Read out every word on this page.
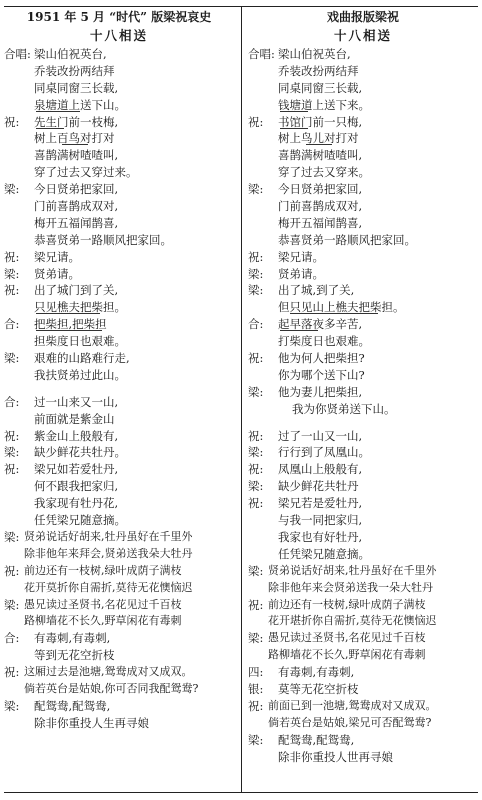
1951 年 5 月 “时代” 版梁祝哀史
十八相送
合唱: 梁山伯祝英台,
乔装改扮两结拜
同桌同窗三长载,
泉塘道上送下山。
祝: 先生门前一枝梅,
树上百鸟对打对
喜鹊满树喳喳叫,
穿了过去又穿过来。
梁: 今日贤弟把家回,
门前喜鹊成双对,
梅开五福闻鹊喜,
恭喜贤弟一路顺风把家回。
祝: 梁兄请。
梁: 贤弟请。
祝: 出了城门到了关,
只见樵夫把柴担。
合: 把柴担,把柴担
担柴度日也艰难。
梁: 艰难的山路难行走,
我扶贤弟过此山。
合: 过一山来又一山,
前面就是紫金山
祝: 紫金山上般般有,
梁: 缺少鲜花共牡丹。
祝: 梁兄如若爱牡丹,
何不跟我把家归,
我家现有牡丹花,
任凭梁兄随意摘。
梁: 贤弟说话好胡来,牡丹虽好在千里外
除非他年来拜会,贤弟送我朵大牡丹
祝: 前边还有一枝树,绿叶成荫子满枝
花开莫折你自需折,莫待无花懊恼迟
梁: 愚兄读过圣贤书,名花见过千百枝
路柳墙花不长久,野草闲花有毒刺
合: 有毒刺,有毒刺,
等到无花空折枝
祝: 这厢过去是池塘,鸳鸯成对又成双。
倘若英台是姑娘,你可否同我配鸳鸯?
梁: 配鸳鸯,配鸳鸯,
除非你重投人生再寻娘
戏曲报版梁祝
十八相送
合唱: 梁山伯祝英台,
乔装改扮两结拜
同桌同窗三长载,
钱塘道上送下来。
祝: 书馆门前一只梅,
树上鸟儿对打对
喜鹊满树喳喳叫,
穿了过去又穿来。
梁: 今日贤弟把家回,
门前喜鹊成双对,
梅开五福闻鹊喜,
恭喜贤弟一路顺风把家回。
祝: 梁兄请。
梁: 贤弟请。
梁: 出了城,到了关,
但只见山上樵夫把柴担。
合: 起早落夜多辛苦,
打柴度日也艰难。
祝: 他为何人把柴担?
你为哪个送下山?
梁: 他为妻儿把柴担,
我为你贤弟送下山。
祝: 过了一山又一山,
梁: 行行到了凤凰山。
祝: 凤凰山上般般有,
梁: 缺少鲜花共牡丹
祝: 梁兄若是爱牡丹,
与我一同把家归,
我家也有好牡丹,
任凭梁兄随意摘。
梁: 贤弟说话好胡来,牡丹虽好在千里外
除非他年来会贤弟送我一朵大牡丹
祝: 前边还有一枝树,绿叶成荫子满枝
花开堪折你自需折,莫待无花懊恼迟
梁: 愚兄读过圣贤书,名花见过千百枝
路柳墙花不长久,野草闲花有毒刺
四: 有毒刺,有毒刺,
银: 莫等无花空折枝
祝: 前面已到一池塘,鸳鸯成对又成双。
倘若英台是姑娘,梁兄可否配鸳鸯?
梁: 配鸳鸯,配鸳鸯,
除非你重投人世再寻娘
